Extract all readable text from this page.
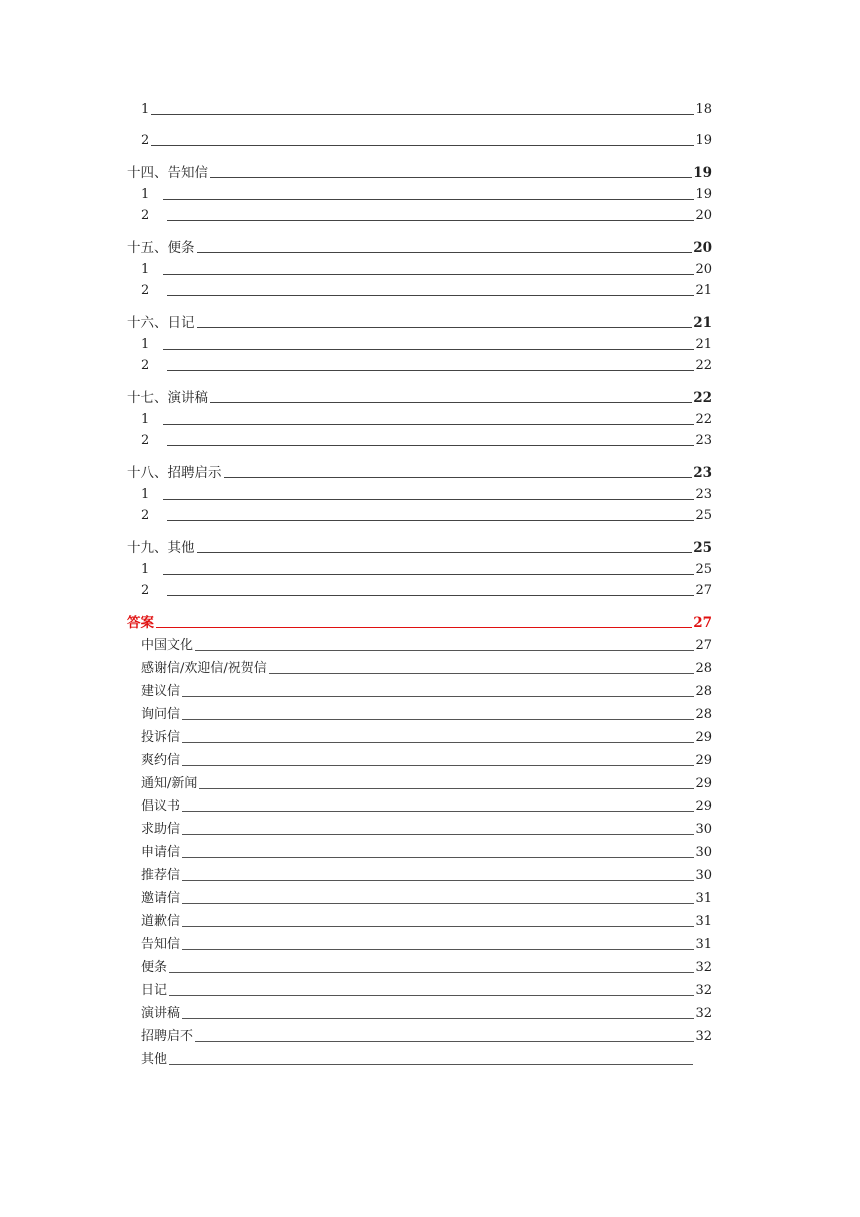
1	18
2	19
十四、告知信	19
1	19
2	20
十五、便条	20
1	20
2	21
十六、日记	21
1	21
2	22
十七、演讲稿	22
1	22
2	23
十八、招聘启示	23
1	23
2	25
十九、其他	25
1	25
2	27
答案	27
中国文化	27
感谢信/欢迎信/祝贺信	28
建议信	28
询问信	28
投诉信	29
爽约信	29
通知/新闻	29
倡议书	29
求助信	30
申请信	30
推荐信	30
邀请信	31
道歉信	31
告知信	31
便条	32
日记	32
演讲稿	32
招聘启不	32
其他
